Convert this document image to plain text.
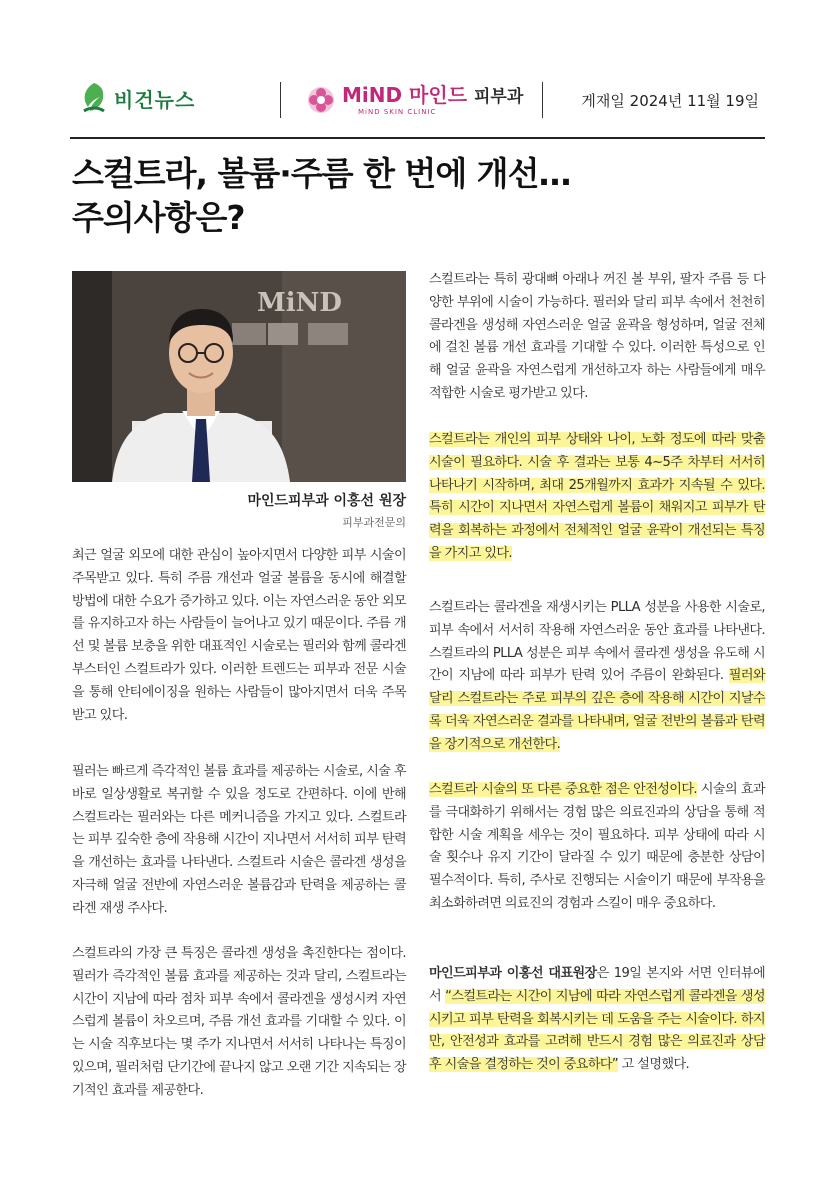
비건뉴스	MiND 마인드 피부과
MiND SKIN CLINIC
게재일 2024년 11월 19일
스컬트라, 볼륨·주름 한 번에 개선…
주의사항은?
MiND
마인드피부과 이홍선 원장
피부과전문의
최근 얼굴 외모에 대한 관심이 높아지면서 다양한 피부 시술이 주목받고 있다. 특히 주름 개선과 얼굴 볼륨을 동시에 해결할 방법에 대한 수요가 증가하고 있다. 이는 자연스러운 동안 외모를 유지하고자 하는 사람들이 늘어나고 있기 때문이다. 주름 개선 및 볼륨 보충을 위한 대표적인 시술로는 필러와 함께 콜라겐 부스터인 스컬트라가 있다. 이러한 트렌드는 피부과 전문 시술을 통해 안티에이징을 원하는 사람들이 많아지면서 더욱 주목받고 있다.
필러는 빠르게 즉각적인 볼륨 효과를 제공하는 시술로, 시술 후 바로 일상생활로 복귀할 수 있을 정도로 간편하다. 이에 반해 스컬트라는 필러와는 다른 메커니즘을 가지고 있다. 스컬트라는 피부 깊숙한 층에 작용해 시간이 지나면서 서서히 피부 탄력을 개선하는 효과를 나타낸다. 스컬트라 시술은 콜라겐 생성을 자극해 얼굴 전반에 자연스러운 볼륨감과 탄력을 제공하는 콜라겐 재생 주사다.
스컬트라의 가장 큰 특징은 콜라겐 생성을 촉진한다는 점이다. 필러가 즉각적인 볼륨 효과를 제공하는 것과 달리, 스컬트라는 시간이 지남에 따라 점차 피부 속에서 콜라겐을 생성시켜 자연스럽게 볼륨이 차오르며, 주름 개선 효과를 기대할 수 있다. 이는 시술 직후보다는 몇 주가 지나면서 서서히 나타나는 특징이 있으며, 필러처럼 단기간에 끝나지 않고 오랜 기간 지속되는 장기적인 효과를 제공한다.
스컬트라는 특히 광대뼈 아래나 꺼진 볼 부위, 팔자 주름 등 다양한 부위에 시술이 가능하다. 필러와 달리 피부 속에서 천천히 콜라겐을 생성해 자연스러운 얼굴 윤곽을 형성하며, 얼굴 전체에 걸친 볼륨 개선 효과를 기대할 수 있다. 이러한 특성으로 인해 얼굴 윤곽을 자연스럽게 개선하고자 하는 사람들에게 매우 적합한 시술로 평가받고 있다.
스컬트라는 개인의 피부 상태와 나이, 노화 정도에 따라 맞춤 시술이 필요하다. 시술 후 결과는 보통 4~5주 차부터 서서히 나타나기 시작하며, 최대 25개월까지 효과가 지속될 수 있다. 특히 시간이 지나면서 자연스럽게 볼륨이 채워지고 피부가 탄력을 회복하는 과정에서 전체적인 얼굴 윤곽이 개선되는 특징을 가지고 있다.
스컬트라는 콜라겐을 재생시키는 PLLA 성분을 사용한 시술로, 피부 속에서 서서히 작용해 자연스러운 동안 효과를 나타낸다. 스컬트라의 PLLA 성분은 피부 속에서 콜라겐 생성을 유도해 시간이 지남에 따라 피부가 탄력 있어 주름이 완화된다. 필러와 달리 스컬트라는 주로 피부의 깊은 층에 작용해 시간이 지날수록 더욱 자연스러운 결과를 나타내며, 얼굴 전반의 볼륨과 탄력을 장기적으로 개선한다.
스컬트라 시술의 또 다른 중요한 점은 안전성이다. 시술의 효과를 극대화하기 위해서는 경험 많은 의료진과의 상담을 통해 적합한 시술 계획을 세우는 것이 필요하다. 피부 상태에 따라 시술 횟수나 유지 기간이 달라질 수 있기 때문에 충분한 상담이 필수적이다. 특히, 주사로 진행되는 시술이기 때문에 부작용을 최소화하려면 의료진의 경험과 스킬이 매우 중요하다.
마인드피부과 이홍선 대표원장은 19일 본지와 서면 인터뷰에서 “스컬트라는 시간이 지남에 따라 자연스럽게 콜라겐을 생성시키고 피부 탄력을 회복시키는 데 도움을 주는 시술이다. 하지만, 안전성과 효과를 고려해 반드시 경험 많은 의료진과 상담 후 시술을 결정하는 것이 중요하다” 고 설명했다.
